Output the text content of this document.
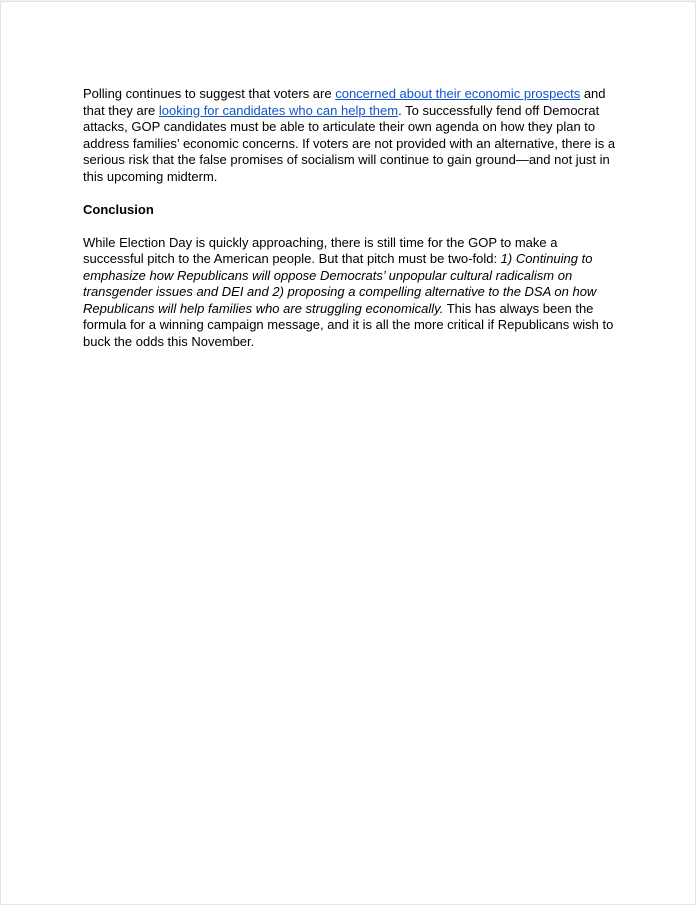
Polling continues to suggest that voters are concerned about their economic prospects and that they are looking for candidates who can help them. To successfully fend off Democrat attacks, GOP candidates must be able to articulate their own agenda on how they plan to address families’ economic concerns. If voters are not provided with an alternative, there is a serious risk that the false promises of socialism will continue to gain ground—and not just in this upcoming midterm.

Conclusion

While Election Day is quickly approaching, there is still time for the GOP to make a successful pitch to the American people. But that pitch must be two-fold: 1) Continuing to emphasize how Republicans will oppose Democrats’ unpopular cultural radicalism on transgender issues and DEI and 2) proposing a compelling alternative to the DSA on how Republicans will help families who are struggling economically. This has always been the formula for a winning campaign message, and it is all the more critical if Republicans wish to buck the odds this November.
